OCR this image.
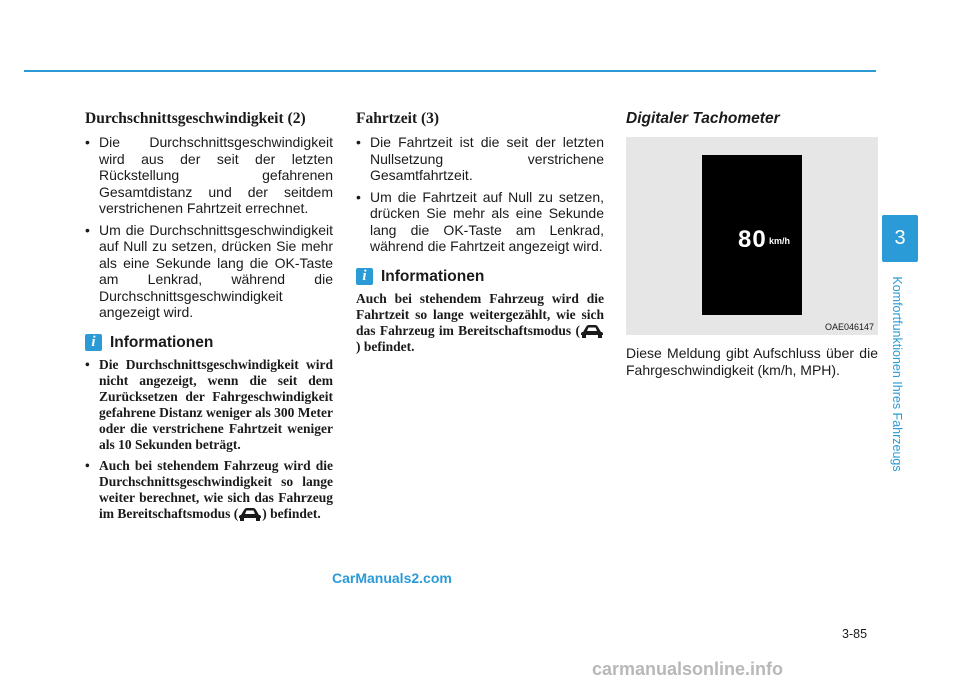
Durchschnittsgeschwindigkeit (2)
• Die Durchschnittsgeschwindigkeit wird aus der seit der letzten Rückstellung gefahrenen Gesamtdistanz und der seitdem verstrichenen Fahrtzeit errechnet.
• Um die Durchschnittsgeschwindigkeit auf Null zu setzen, drücken Sie mehr als eine Sekunde lang die OK-Taste am Lenkrad, während die Durchschnittsgeschwindigkeit angezeigt wird.
i Informationen
• Die Durchschnittsgeschwindigkeit wird nicht angezeigt, wenn die seit dem Zurücksetzen der Fahrgeschwindigkeit gefahrene Distanz weniger als 300 Meter oder die verstrichene Fahrtzeit weniger als 10 Sekunden beträgt.
• Auch bei stehendem Fahrzeug wird die Durchschnittsgeschwindigkeit so lange weiter berechnet, wie sich das Fahrzeug im Bereitschaftsmodus ( ) befindet.
Fahrtzeit (3)
• Die Fahrtzeit ist die seit der letzten Nullsetzung verstrichene Gesamtfahrtzeit.
• Um die Fahrtzeit auf Null zu setzen, drücken Sie mehr als eine Sekunde lang die OK-Taste am Lenkrad, während die Fahrtzeit angezeigt wird.
i Informationen

Auch bei stehendem Fahrzeug wird die Fahrtzeit so lange weitergezählt, wie sich das Fahrzeug im Bereitschaftsmodus () befindet.

Digitaler Tachometer
80 km/h
OAE046147

Diese Meldung gibt Aufschluss über die Fahrgeschwindigkeit (km/h, MPH).

3
Komfortfunktionen Ihres Fahrzeugs
3-85
CarManuals2.com
carmanualsonline.info
